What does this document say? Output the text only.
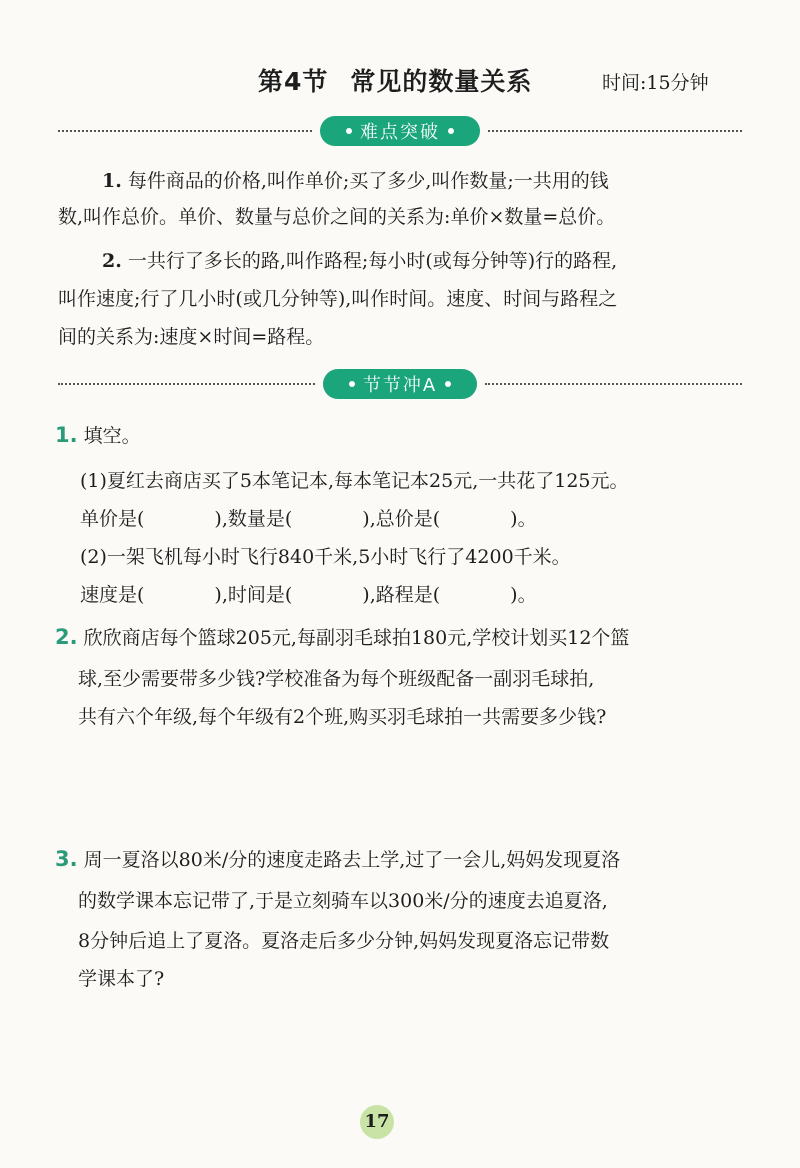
第4节 常见的数量关系	时间:15分钟
难点突破
1. 每件商品的价格,叫作单价;买了多少,叫作数量;一共用的钱
数,叫作总价。单价、数量与总价之间的关系为:单价×数量=总价。
2. 一共行了多长的路,叫作路程;每小时(或每分钟等)行的路程,
叫作速度;行了几小时(或几分钟等),叫作时间。速度、时间与路程之
间的关系为:速度×时间=路程。
节节冲A
1. 填空。
(1)夏红去商店买了5本笔记本,每本笔记本25元,一共花了125元。
单价是(	),数量是(	),总价是(	)。
(2)一架飞机每小时飞行840千米,5小时飞行了4200千米。
速度是(	),时间是(	),路程是(	)。
2. 欣欣商店每个篮球205元,每副羽毛球拍180元,学校计划买12个篮
球,至少需要带多少钱?学校准备为每个班级配备一副羽毛球拍,
共有六个年级,每个年级有2个班,购买羽毛球拍一共需要多少钱?
3. 周一夏洛以80米/分的速度走路去上学,过了一会儿,妈妈发现夏洛
的数学课本忘记带了,于是立刻骑车以300米/分的速度去追夏洛,
8分钟后追上了夏洛。夏洛走后多少分钟,妈妈发现夏洛忘记带数
学课本了?
17
